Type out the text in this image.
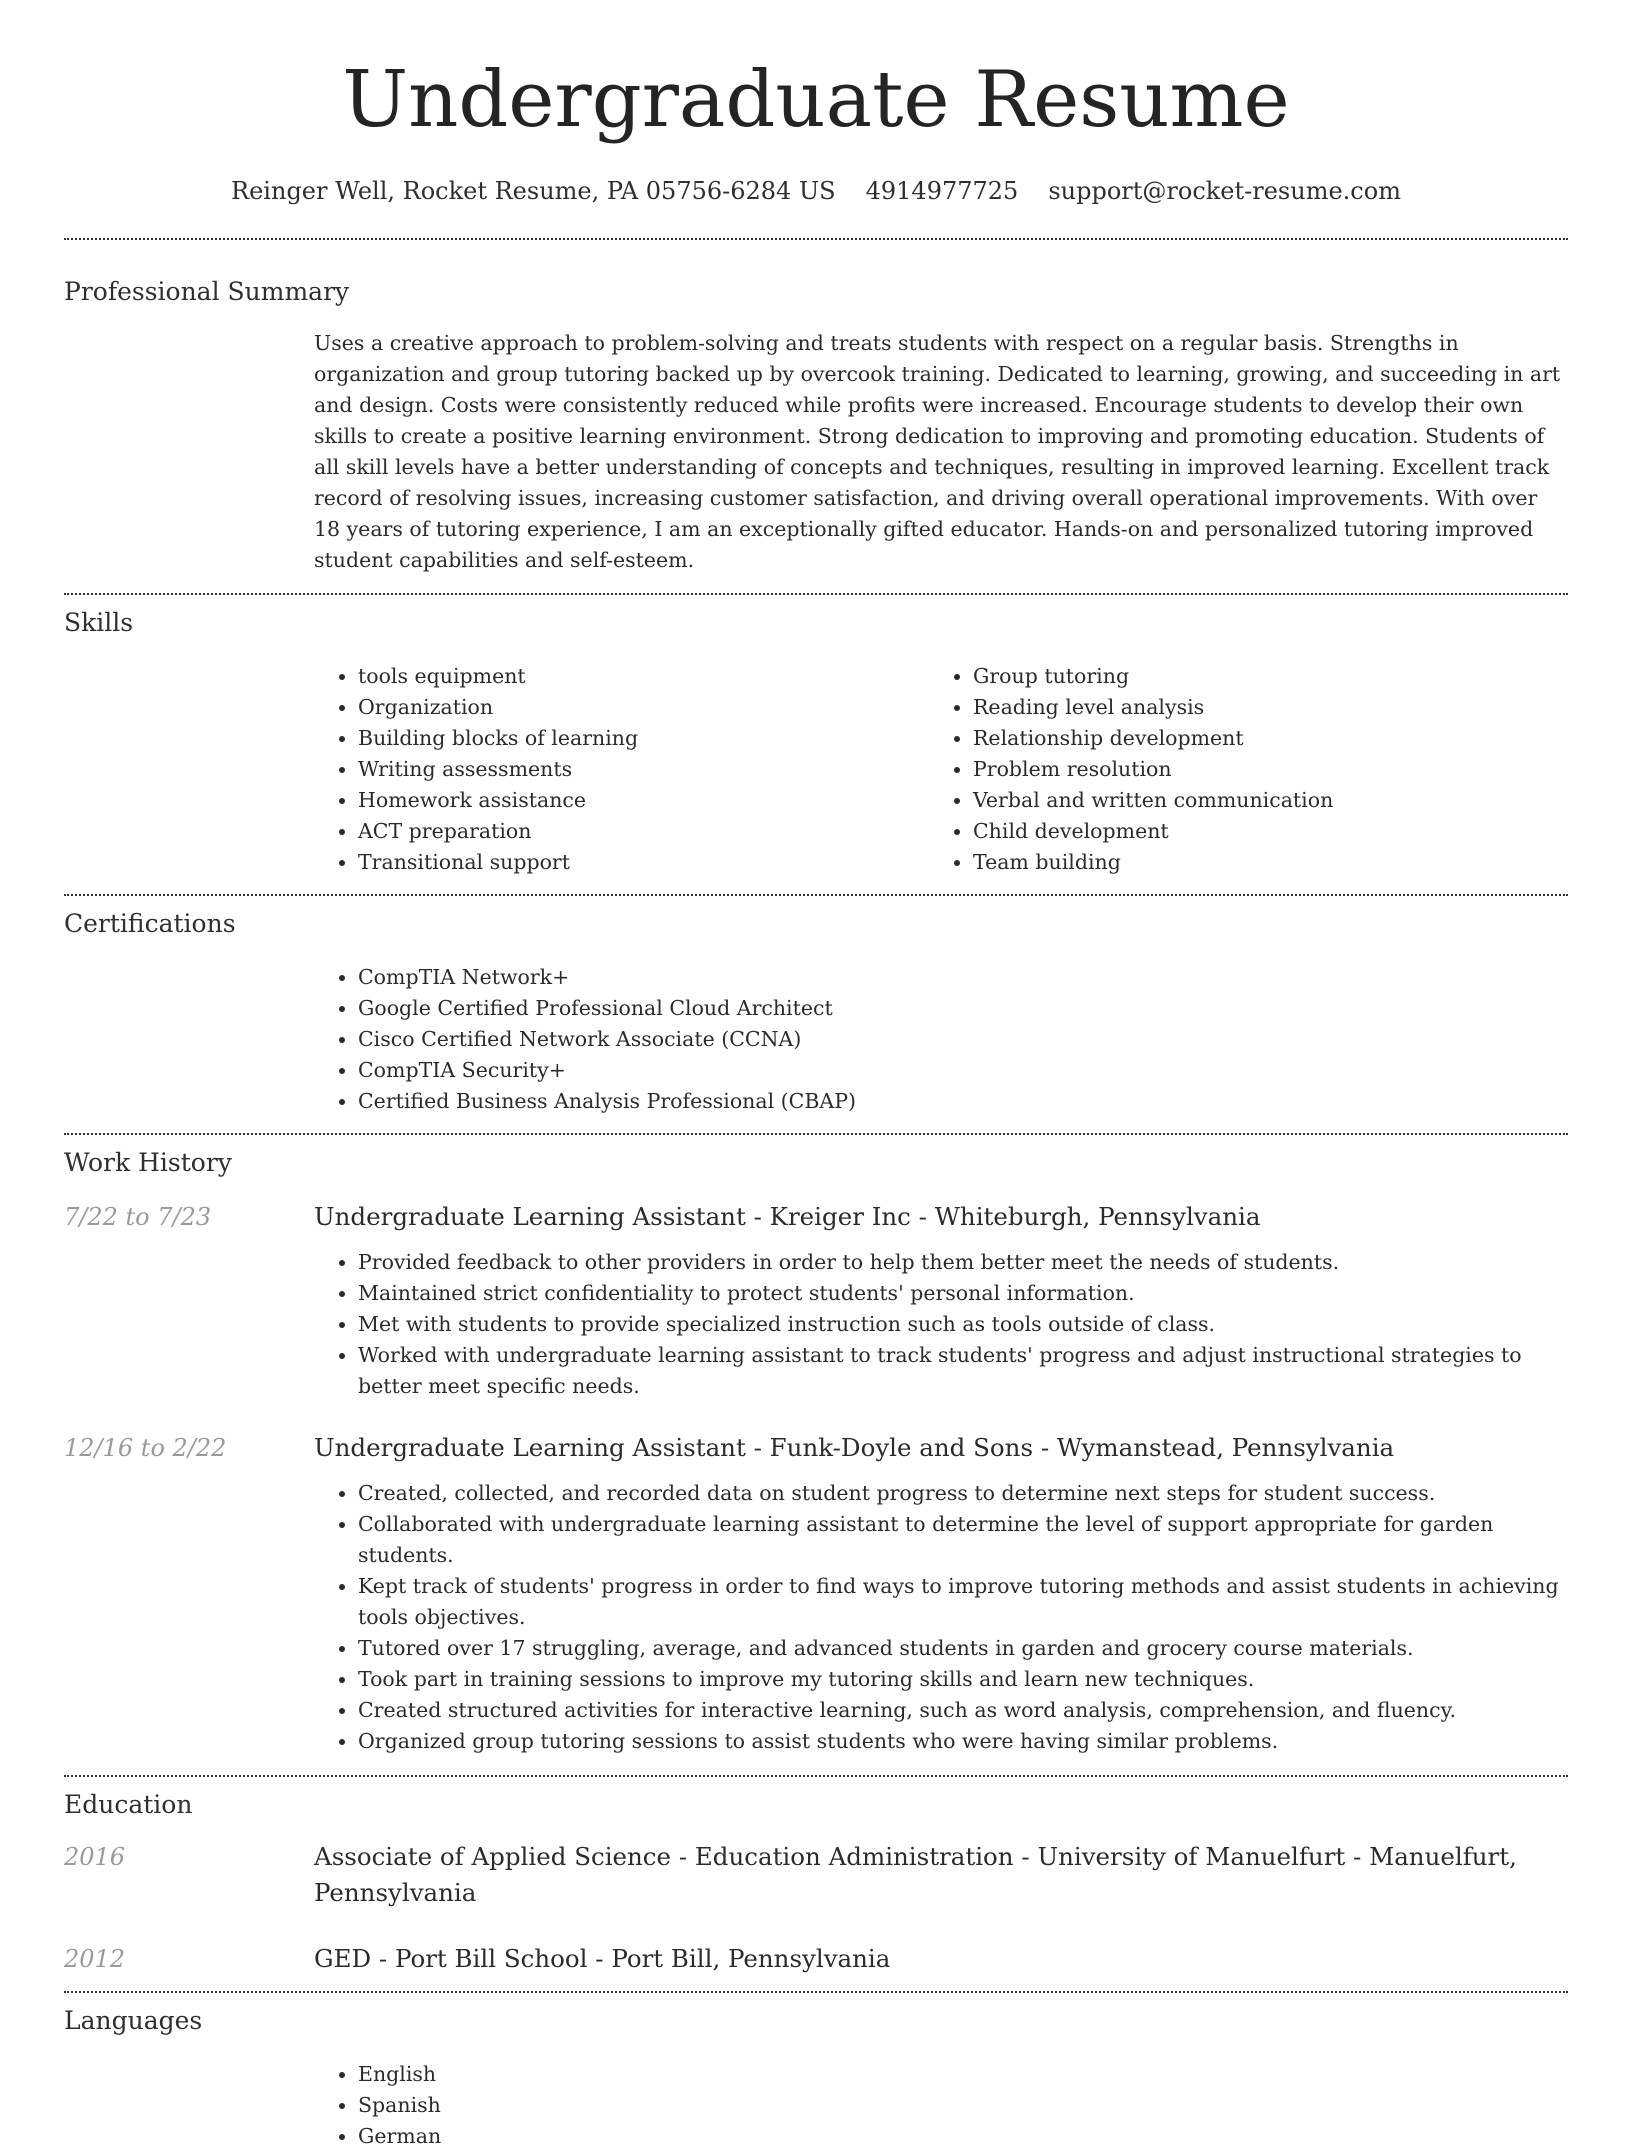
Undergraduate Resume
Reinger Well, Rocket Resume, PA 05756-6284 US 4914977725 support@rocket-resume.com
Professional Summary

Uses a creative approach to problem-solving and treats students with respect on a regular basis. Strengths in organization and group tutoring backed up by overcook training. Dedicated to learning, growing, and succeeding in art and design. Costs were consistently reduced while profits were increased. Encourage students to develop their own skills to create a positive learning environment. Strong dedication to improving and promoting education. Students of all skill levels have a better understanding of concepts and techniques, resulting in improved learning. Excellent track record of resolving issues, increasing customer satisfaction, and driving overall operational improvements. With over 18 years of tutoring experience, I am an exceptionally gifted educator. Hands-on and personalized tutoring improved student capabilities and self-esteem.

Skills
• tools equipment
• Organization
• Building blocks of learning
• Writing assessments
• Homework assistance
• ACT preparation
• Transitional support
• Group tutoring
• Reading level analysis
• Relationship development
• Problem resolution
• Verbal and written communication
• Child development
• Team building
Certifications
• CompTIA Network+
• Google Certified Professional Cloud Architect
• Cisco Certified Network Associate (CCNA)
• CompTIA Security+
• Certified Business Analysis Professional (CBAP)
Work History
7/22 to 7/23	Undergraduate Learning Assistant - Kreiger Inc - Whiteburgh, Pennsylvania
• Provided feedback to other providers in order to help them better meet the needs of students.
• Maintained strict confidentiality to protect students' personal information.
• Met with students to provide specialized instruction such as tools outside of class.
• Worked with undergraduate learning assistant to track students' progress and adjust instructional strategies to better meet specific needs.
12/16 to 2/22	Undergraduate Learning Assistant - Funk-Doyle and Sons - Wymanstead, Pennsylvania
• Created, collected, and recorded data on student progress to determine next steps for student success.
• Collaborated with undergraduate learning assistant to determine the level of support appropriate for garden students.
• Kept track of students' progress in order to find ways to improve tutoring methods and assist students in achieving tools objectives.
• Tutored over 17 struggling, average, and advanced students in garden and grocery course materials.
• Took part in training sessions to improve my tutoring skills and learn new techniques.
• Created structured activities for interactive learning, such as word analysis, comprehension, and fluency.
• Organized group tutoring sessions to assist students who were having similar problems.
Education
2016	Associate of Applied Science - Education Administration - University of Manuelfurt - Manuelfurt, Pennsylvania
2012	GED - Port Bill School - Port Bill, Pennsylvania
Languages
• English
• Spanish
• German
